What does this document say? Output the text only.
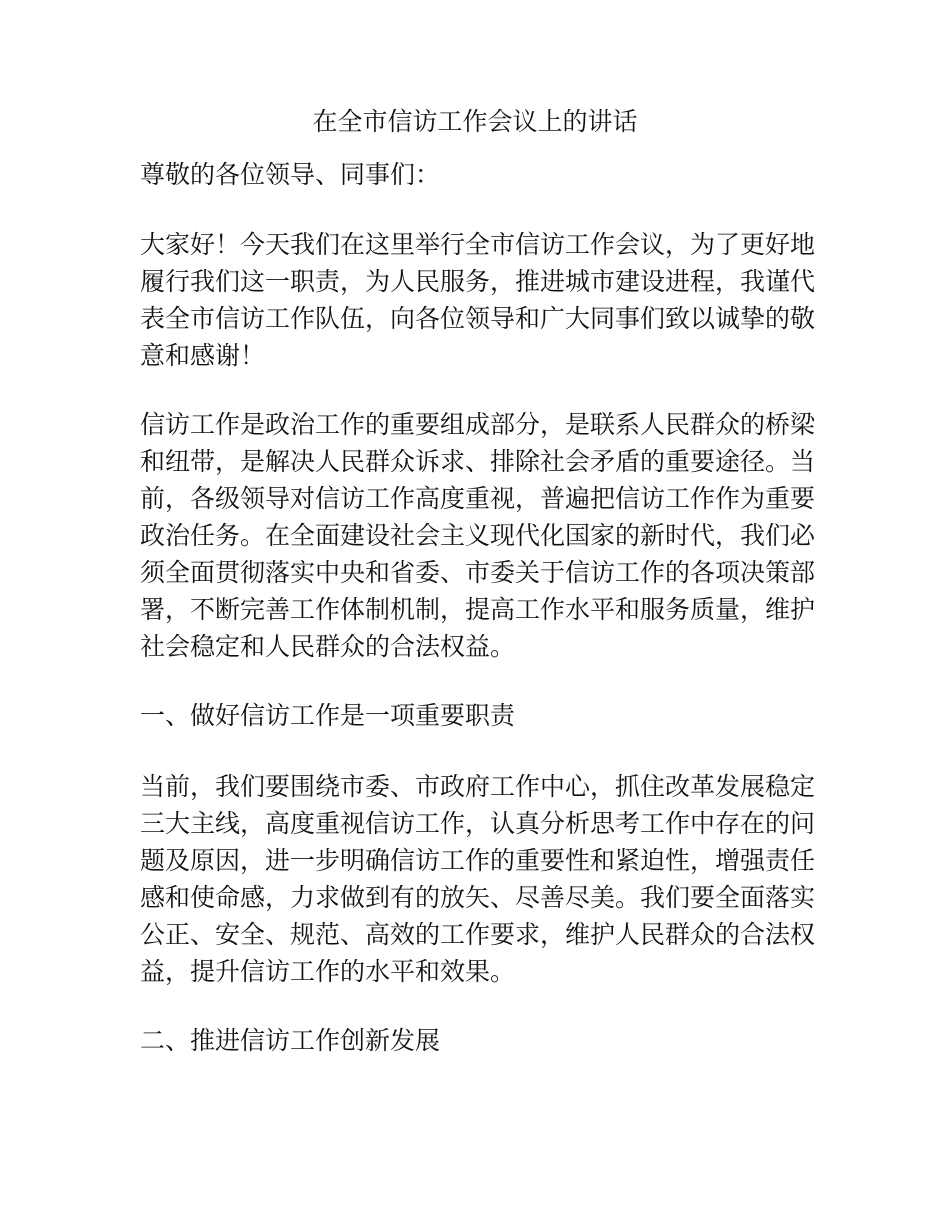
在全市信访工作会议上的讲话

尊敬的各位领导、同事们：

大家好！今天我们在这里举行全市信访工作会议，为了更好地
履行我们这一职责，为人民服务，推进城市建设进程，我谨代
表全市信访工作队伍，向各位领导和广大同事们致以诚挚的敬
意和感谢！

信访工作是政治工作的重要组成部分，是联系人民群众的桥梁
和纽带，是解决人民群众诉求、排除社会矛盾的重要途径。当
前，各级领导对信访工作高度重视，普遍把信访工作作为重要
政治任务。在全面建设社会主义现代化国家的新时代，我们必
须全面贯彻落实中央和省委、市委关于信访工作的各项决策部
署，不断完善工作体制机制，提高工作水平和服务质量，维护
社会稳定和人民群众的合法权益。

一、做好信访工作是一项重要职责

当前，我们要围绕市委、市政府工作中心，抓住改革发展稳定
三大主线，高度重视信访工作，认真分析思考工作中存在的问
题及原因，进一步明确信访工作的重要性和紧迫性，增强责任
感和使命感，力求做到有的放矢、尽善尽美。我们要全面落实
公正、安全、规范、高效的工作要求，维护人民群众的合法权
益，提升信访工作的水平和效果。

二、推进信访工作创新发展
